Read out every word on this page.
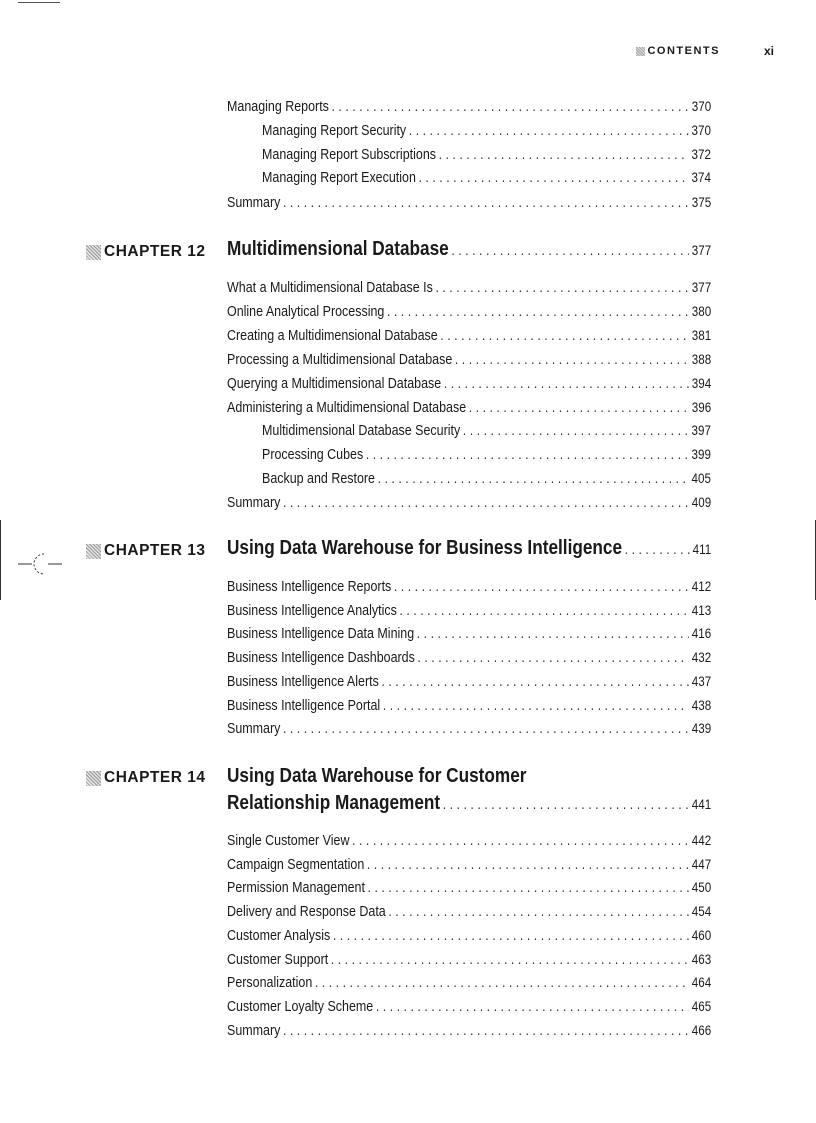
CONTENTS	xi
Managing Reports . . .	370
Managing Report Security . . .	370
Managing Report Subscriptions . . .	372
Managing Report Execution . . .	374
Summary . . .	375
CHAPTER 12 Multidimensional Database . . .	377
What a Multidimensional Database Is . . .	377
Online Analytical Processing . . .	380
Creating a Multidimensional Database . . .	381
Processing a Multidimensional Database . . .	388
Querying a Multidimensional Database . . .	394
Administering a Multidimensional Database . . .	396
Multidimensional Database Security . . .	397
Processing Cubes . . .	399
Backup and Restore . . .	405
Summary . . .	409
CHAPTER 13 Using Data Warehouse for Business Intelligence . . .	411
Business Intelligence Reports . . .	412
Business Intelligence Analytics . . .	413
Business Intelligence Data Mining . . .	416
Business Intelligence Dashboards . . .	432
Business Intelligence Alerts . . .	437
Business Intelligence Portal . . .	438
Summary . . .	439
CHAPTER 14 Using Data Warehouse for Customer
Relationship Management . . .	441
Single Customer View . . .	442
Campaign Segmentation . . .	447
Permission Management . . .	450
Delivery and Response Data . . .	454
Customer Analysis . . .	460
Customer Support . . .	463
Personalization . . .	464
Customer Loyalty Scheme . . .	465
Summary . . .	466
